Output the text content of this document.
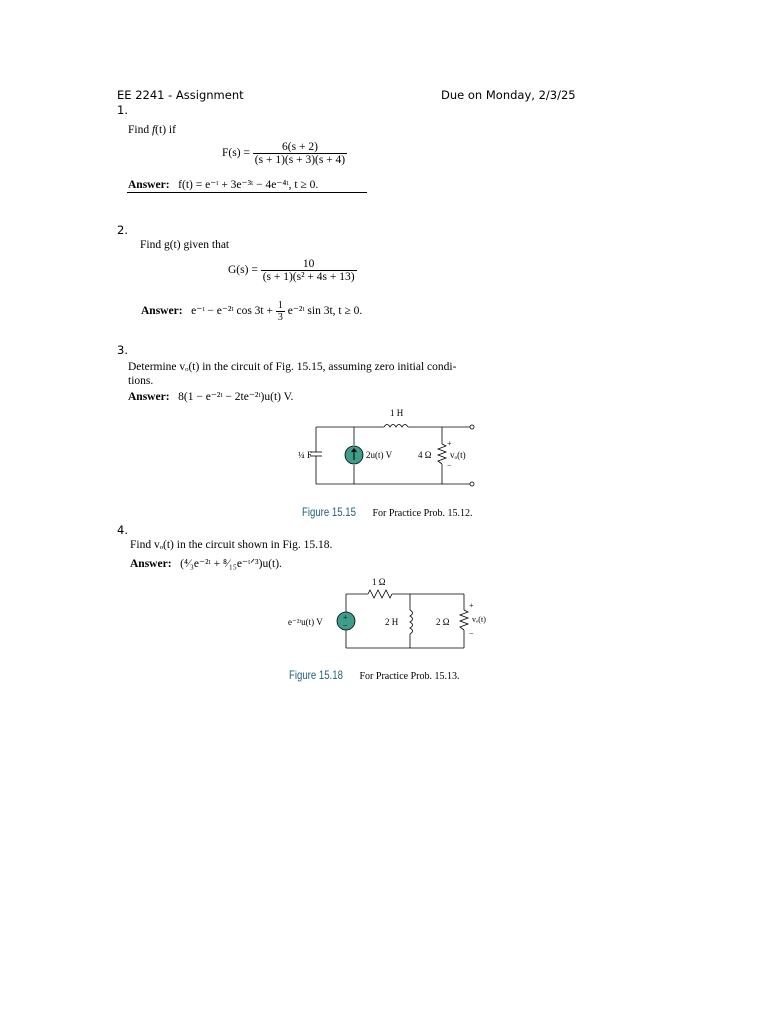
EE 2241 - Assignment	Due on Monday, 2/3/25
1.
Find f(t) if
$F(s) = \frac{6(s + 2)}{(s + 1)(s + 3)(s + 4)}$
Answer: f(t) = e⁻ᵗ + 3e⁻³ᵗ − 4e⁻⁴ᵗ, t ≥ 0.
2.
Find g(t) given that
$G(s) = \frac{10}{\text{(s + 1)(s² + 4s + 13)}}$
Answer: e⁻ᵗ − e⁻²ᵗ $\cos 3t + \frac{1}{3}$ e⁻²ᵗ sin 3t, t ≥ 0.
3.
Determine vₒ(t) in the circuit of Fig. 15.15, assuming zero initial condi-
tions.
Answer: 8(1 − e⁻²ᵗ − 2te⁻²ᵗ)u(t) V.
1 H
¼ F	2u(t) V	4 Ω vₒ(t)
+
−
Figure 15.15 For Practice Prob. 15.12.
4.
Find vₒ(t) in the circuit shown in Fig. 15.18.
Answer: (⁴⁄₃e⁻²ᵗ + ⁸⁄₁₅e⁻ᵗᐟ³)u(t).
+
−
e⁻²ᵗu(t) V
1 Ω
2 H	2 Ω	vₒ(t)
+
−
Figure 15.18 For Practice Prob. 15.13.
